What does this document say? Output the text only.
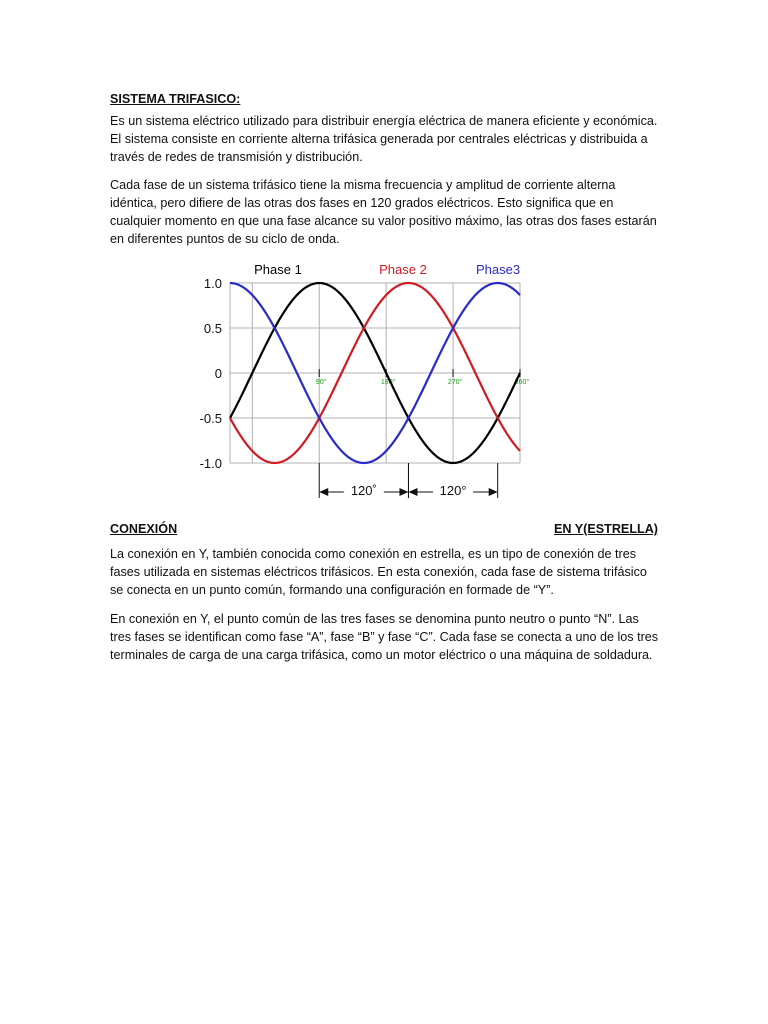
SISTEMA TRIFASICO:

Es un sistema eléctrico utilizado para distribuir energía eléctrica de manera eficiente y económica. El sistema consiste en corriente alterna trifásica generada por centrales eléctricas y distribuida a través de redes de transmisión y distribución.

Cada fase de un sistema trifásico tiene la misma frecuencia y amplitud de corriente alterna idéntica, pero difiere de las otras dos fases en 120 grados eléctricos. Esto significa que en cualquier momento en que una fase alcance su valor positivo máximo, las otras dos fases estarán en diferentes puntos de su ciclo de onda.

1.0
0.5
0
-0.5
-1.0
90°	180°	270°	360°
Phase 1	Phase 2	Phase3
120˚	120°
CONEXIÓN	EN Y(ESTRELLA)

La conexión en Y, también conocida como conexión en estrella, es un tipo de conexión de tres fases utilizada en sistemas eléctricos trifásicos. En esta conexión, cada fase de sistema trifásico se conecta en un punto común, formando una configuración en formade de “Y”.

En conexión en Y, el punto común de las tres fases se denomina punto neutro o punto “N”. Las tres fases se identifican como fase “A”, fase “B” y fase “C”. Cada fase se conecta a uno de los tres terminales de carga de una carga trifásica, como un motor eléctrico o una máquina de soldadura.
